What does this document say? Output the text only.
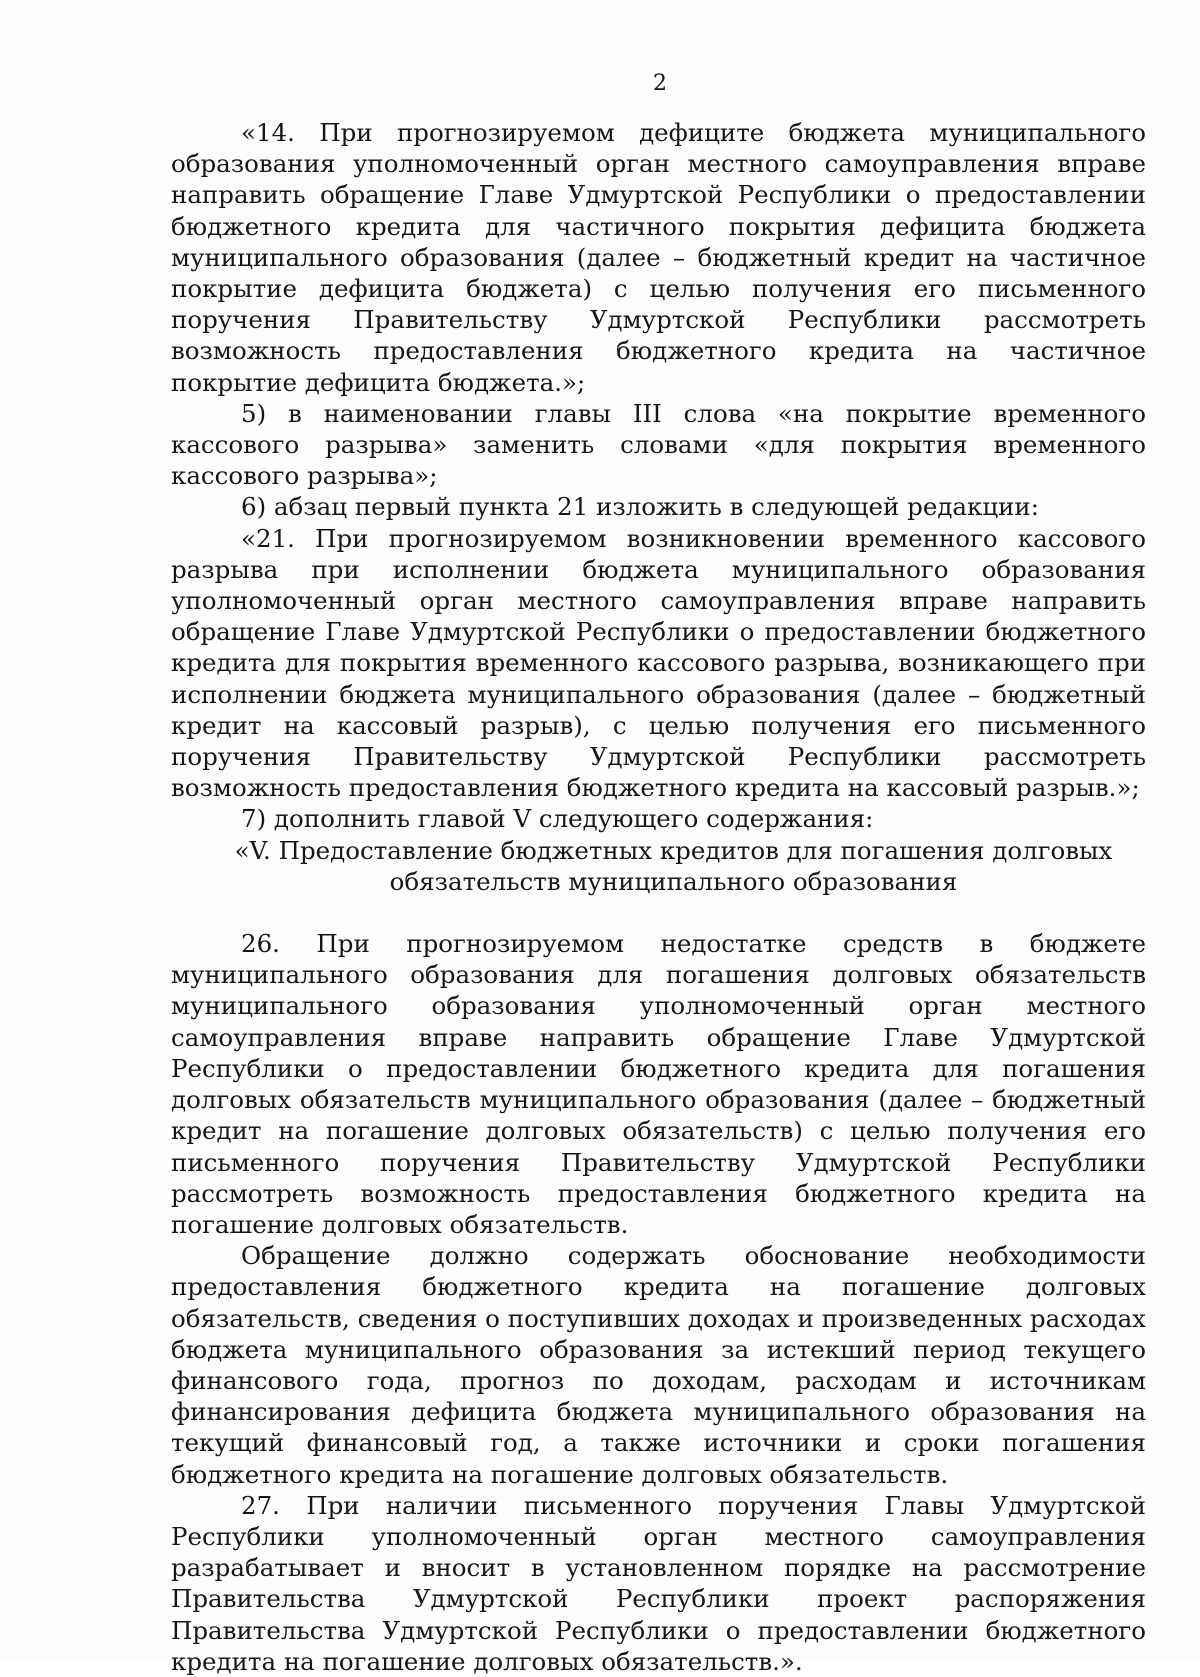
2

«14. При прогнозируемом дефиците бюджета муниципального образования уполномоченный орган местного самоуправления вправе направить обращение Главе Удмуртской Республики о предоставлении бюджетного кредита для частичного покрытия дефицита бюджета муниципального образования (далее – бюджетный кредит на частичное покрытие дефицита бюджета) с целью получения его письменного поручения Правительству Удмуртской Республики рассмотреть возможность предоставления бюджетного кредита на частичное покрытие дефицита бюджета.»;

5) в наименовании главы III слова «на покрытие временного кассового разрыва» заменить словами «для покрытия временного кассового разрыва»;

6) абзац первый пункта 21 изложить в следующей редакции:

«21. При прогнозируемом возникновении временного кассового разрыва при исполнении бюджета муниципального образования уполномоченный орган местного самоуправления вправе направить обращение Главе Удмуртской Республики о предоставлении бюджетного кредита для покрытия временного кассового разрыва, возникающего при исполнении бюджета муниципального образования (далее – бюджетный кредит на кассовый разрыв), с целью получения его письменного поручения Правительству Удмуртской Республики рассмотреть возможность предоставления бюджетного кредита на кассовый разрыв.»;

7) дополнить главой V следующего содержания:

«V. Предоставление бюджетных кредитов для погашения долговых

обязательств муниципального образования

26. При прогнозируемом недостатке средств в бюджете муниципального образования для погашения долговых обязательств муниципального образования уполномоченный орган местного самоуправления вправе направить обращение Главе Удмуртской Республики о предоставлении бюджетного кредита для погашения долговых обязательств муниципального образования (далее – бюджетный кредит на погашение долговых обязательств) с целью получения его письменного поручения Правительству Удмуртской Республики рассмотреть возможность предоставления бюджетного кредита на погашение долговых обязательств.

Обращение должно содержать обоснование необходимости предоставления бюджетного кредита на погашение долговых обязательств, сведения о поступивших доходах и произведенных расходах бюджета муниципального образования за истекший период текущего финансового года, прогноз по доходам, расходам и источникам финансирования дефицита бюджета муниципального образования на текущий финансовый год, а также источники и сроки погашения бюджетного кредита на погашение долговых обязательств.

27. При наличии письменного поручения Главы Удмуртской Республики уполномоченный орган местного самоуправления разрабатывает и вносит в установленном порядке на рассмотрение Правительства Удмуртской Республики проект распоряжения Правительства Удмуртской Республики о предоставлении бюджетного кредита на погашение долговых обязательств.».
